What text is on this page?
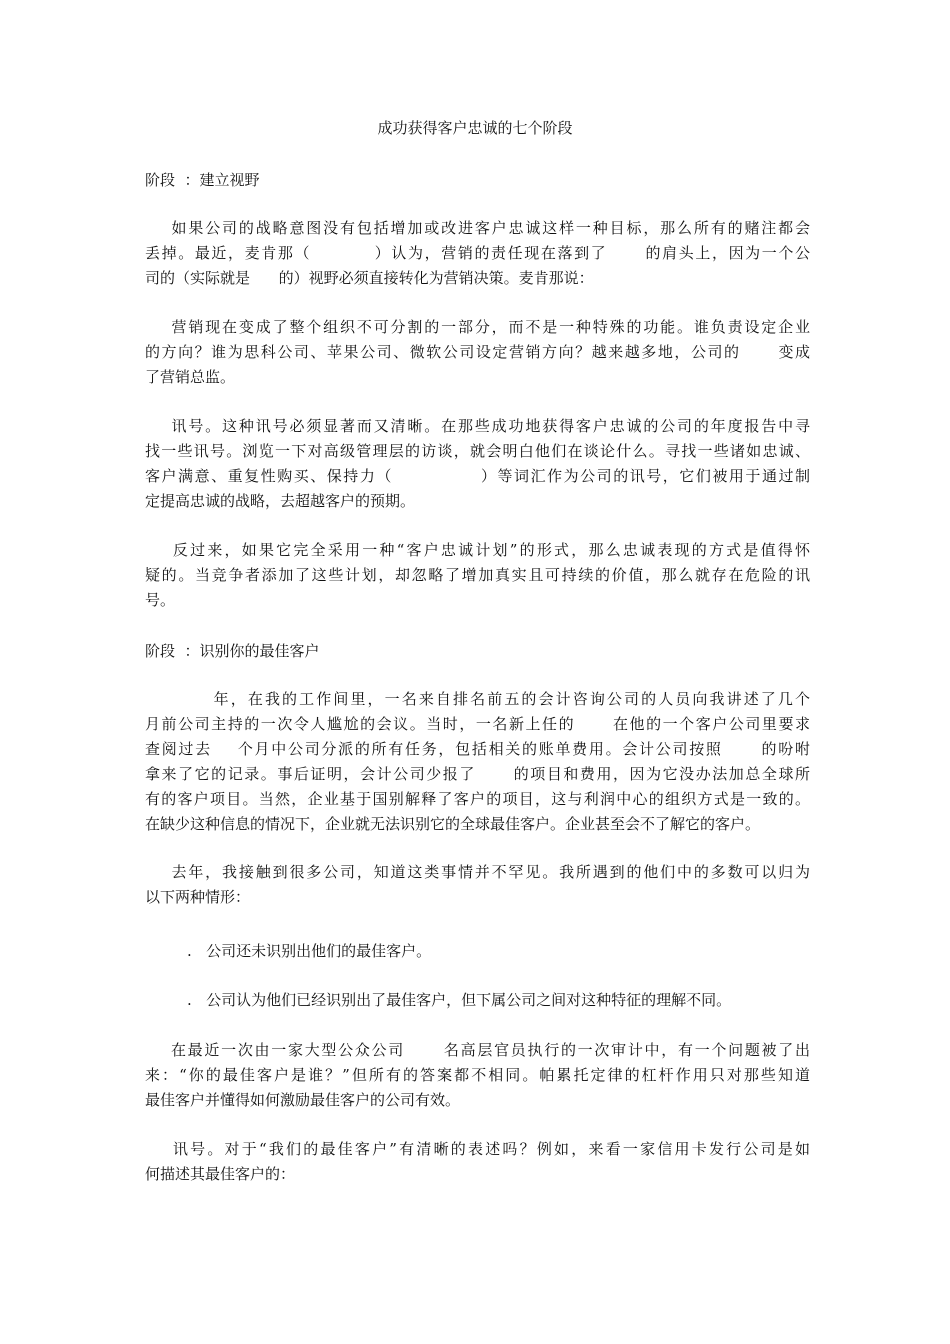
成功获得客户忠诚的七个阶段
阶段  ：建立视野
如果公司的战略意图没有包括增加或改进客户忠诚这样一种目标，那么所有的赌注都会
丢掉。最近，麦肯那（          ）认为，营销的责任现在落到了      的肩头上，因为一个公
司的（实际就是      的）视野必须直接转化为营销决策。麦肯那说：
营销现在变成了整个组织不可分割的一部分，而不是一种特殊的功能。谁负责设定企业
的方向？谁为思科公司、苹果公司、微软公司设定营销方向？越来越多地，公司的      变成
了营销总监。
讯号。这种讯号必须显著而又清晰。在那些成功地获得客户忠诚的公司的年度报告中寻
找一些讯号。浏览一下对高级管理层的访谈，就会明白他们在谈论什么。寻找一些诸如忠诚、
客户满意、重复性购买、保持力（              ）等词汇作为公司的讯号，它们被用于通过制
定提高忠诚的战略，去超越客户的预期。
反过来，如果它完全采用一种“客户忠诚计划”的形式，那么忠诚表现的方式是值得怀
疑的。当竞争者添加了这些计划，却忽略了增加真实且可持续的价值，那么就存在危险的讯
号。
阶段  ：识别你的最佳客户
年，在我的工作间里，一名来自排名前五的会计咨询公司的人员向我讲述了几个
月前公司主持的一次令人尴尬的会议。当时，一名新上任的      在他的一个客户公司里要求
查阅过去    个月中公司分派的所有任务，包括相关的账单费用。会计公司按照      的吩咐
拿来了它的记录。事后证明，会计公司少报了      的项目和费用，因为它没办法加总全球所
有的客户项目。当然，企业基于国别解释了客户的项目，这与利润中心的组织方式是一致的。
在缺少这种信息的情况下，企业就无法识别它的全球最佳客户。企业甚至会不了解它的客户。
去年，我接触到很多公司，知道这类事情并不罕见。我所遇到的他们中的多数可以归为
以下两种情形：
.   公司还未识别出他们的最佳客户。
.   公司认为他们已经识别出了最佳客户，但下属公司之间对这种特征的理解不同。
在最近一次由一家大型公众公司      名高层官员执行的一次审计中，有一个问题被了出
来：“你的最佳客户是谁？”但所有的答案都不相同。帕累托定律的杠杆作用只对那些知道
最佳客户并懂得如何激励最佳客户的公司有效。
讯号。对于“我们的最佳客户”有清晰的表述吗？例如，来看一家信用卡发行公司是如
何描述其最佳客户的：
